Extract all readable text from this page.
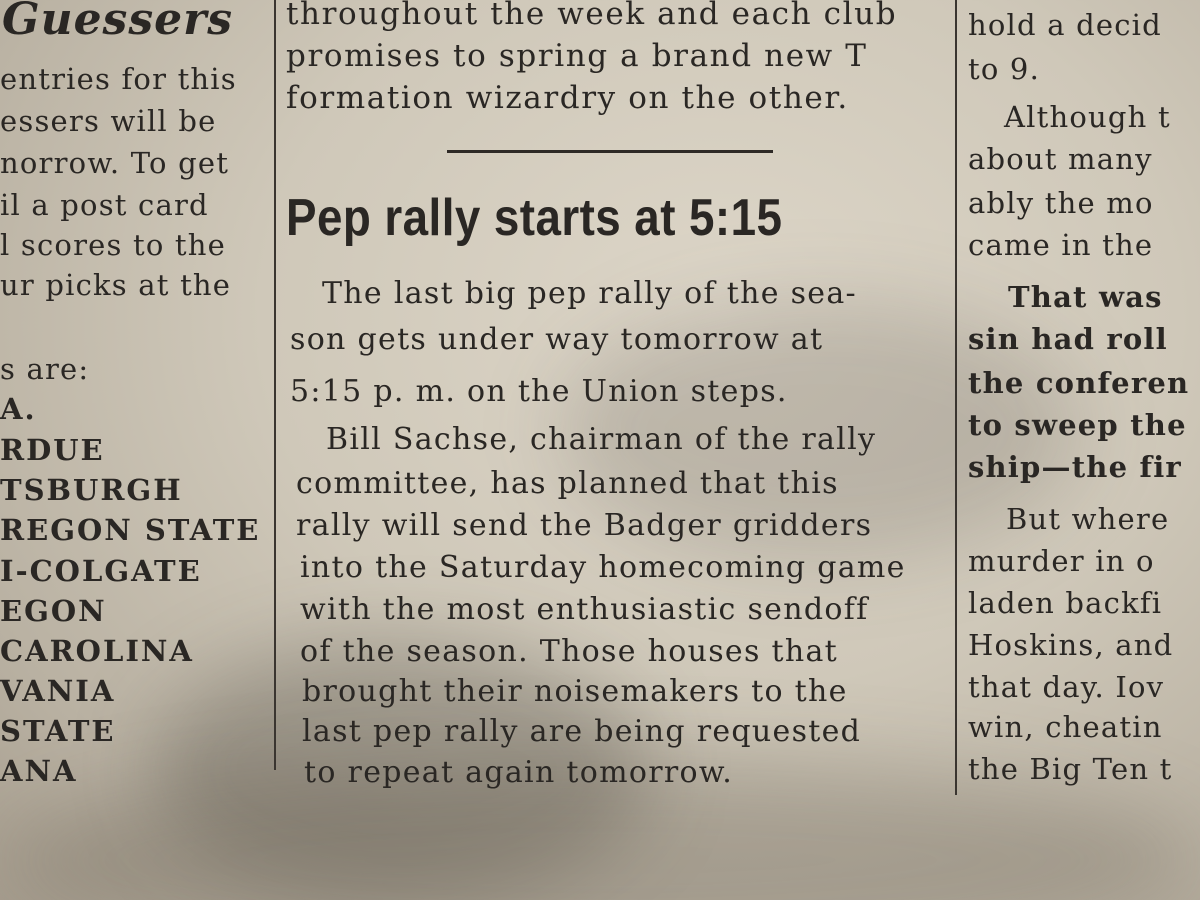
Guessers
entries for this
essers will be
norrow. To get
il a post card
l scores to the
ur picks at the
s are:
A.
RDUE
TSBURGH
REGON STATE
I-COLGATE
EGON
CAROLINA
VANIA
STATE
ANA
throughout the week and each club
promises to spring a brand new T
formation wizardry on the other.
Pep rally starts at 5:15
The last big pep rally of the sea-
son gets under way tomorrow at
5:15 p. m. on the Union steps.
Bill Sachse, chairman of the rally
committee, has planned that this
rally will send the Badger gridders
into the Saturday homecoming game
with the most enthusiastic sendoff
of the season. Those houses that
brought their noisemakers to the
last pep rally are being requested
to repeat again tomorrow.
hold a decid
to 9.
Although t
about many
ably the mo
came in the
That was
sin had roll
the conferen
to sweep the
ship—the fir
But where
murder in o
laden backfi
Hoskins, and
that day. Iov
win, cheatin
the Big Ten t
